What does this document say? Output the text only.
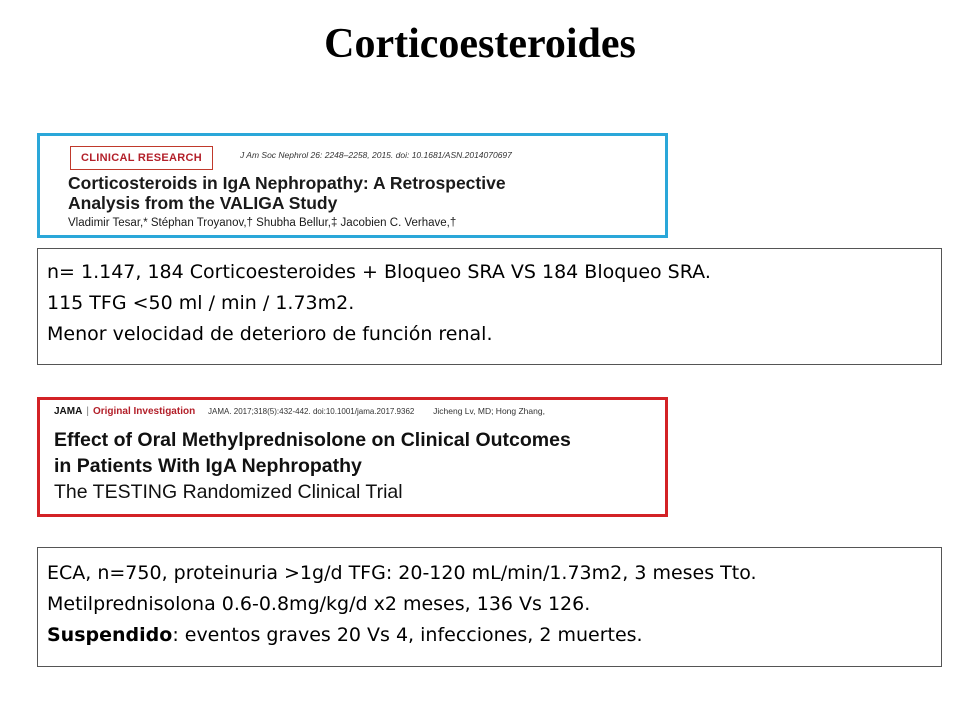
Corticoesteroides
CLINICAL RESEARCH	J Am Soc Nephrol 26: 2248–2258, 2015. doi: 10.1681/ASN.2014070697
Corticosteroids in IgA Nephropathy: A Retrospective
Analysis from the VALIGA Study
Vladimir Tesar,* Stéphan Troyanov,† Shubha Bellur,‡ Jacobien C. Verhave,†
n= 1.147, 184 Corticoesteroides + Bloqueo SRA VS 184 Bloqueo SRA.
115 TFG <50 ml / min / 1.73m2.
Menor velocidad de deterioro de función renal.
JAMA | Original Investigation JAMA. 2017;318(5):432-442. doi:10.1001/jama.2017.9362 Jicheng Lv, MD; Hong Zhang,
Effect of Oral Methylprednisolone on Clinical Outcomes
in Patients With IgA Nephropathy
The TESTING Randomized Clinical Trial
ECA, n=750, proteinuria >1g/d TFG: 20-120 mL/min/1.73m2, 3 meses Tto.
Metilprednisolona 0.6-0.8mg/kg/d x2 meses, 136 Vs 126.
Suspendido: eventos graves 20 Vs 4, infecciones, 2 muertes.
